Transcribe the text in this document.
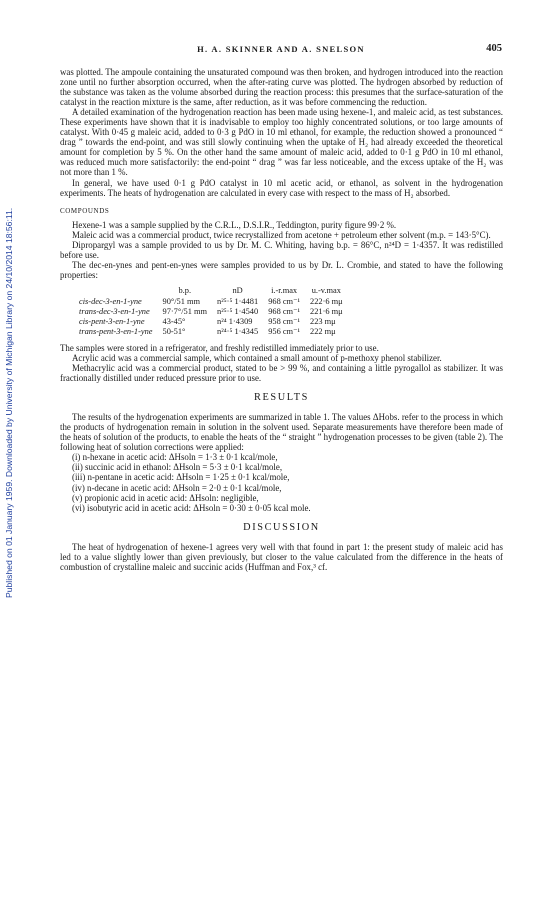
Published on 01 January 1959. Downloaded by University of Michigan Library on 24/10/2014 18:56:11.
H. A. SKINNER AND A. SNELSON	405

was plotted. The ampoule containing the unsaturated compound was then broken, and hydrogen introduced into the reaction zone until no further absorption occurred, when the after-rating curve was plotted. The hydrogen absorbed by reduction of the substance was taken as the volume absorbed during the reaction process: this presumes that the surface-saturation of the catalyst in the reaction mixture is the same, after reduction, as it was before commencing the reduction.

A detailed examination of the hydrogenation reaction has been made using hexene-1, and maleic acid, as test substances. These experiments have shown that it is inadvisable to employ too highly concentrated solutions, or too large amounts of catalyst. With 0·45 g maleic acid, added to 0·3 g PdO in 10 ml ethanol, for example, the reduction showed a pronounced “ drag ” towards the end-point, and was still slowly continuing when the uptake of H₂ had already exceeded the theoretical amount for completion by 5 %. On the other hand the same amount of maleic acid, added to 0·1 g PdO in 10 ml ethanol, was reduced much more satisfactorily: the end-point “ drag ” was far less noticeable, and the excess uptake of the H₂ was not more than 1 %.

In general, we have used 0·1 g PdO catalyst in 10 ml acetic acid, or ethanol, as solvent in the hydrogenation experiments. The heats of hydrogenation are calculated in every case with respect to the mass of H₂ absorbed.

COMPOUNDS

Hexene-1 was a sample supplied by the C.R.L., D.S.I.R., Teddington, purity figure 99·2 %.

Maleic acid was a commercial product, twice recrystallized from acetone + petroleum ether solvent (m.p. = 143·5°C).

Dipropargyl was a sample provided to us by Dr. M. C. Whiting, having b.p. = 86°C, n²⁴D = 1·4357. It was redistilled before use.

The dec-en-ynes and pent-en-ynes were samples provided to us by Dr. L. Crombie, and stated to have the following properties:

	b.p.	nD	i.-r.max	u.-v.max
cis-dec-3-en-1-yne	90°/51 mm	n²⁵·⁵ 1·4481	968 cm⁻¹	222·6 mμ
trans-dec-3-en-1-yne	97·7°/51 mm	n²⁵·⁵ 1·4540	968 cm⁻¹	221·6 mμ
cis-pent-3-en-1-yne	43-45°	n²⁴ 1·4309	958 cm⁻¹	223 mμ
trans-pent-3-en-1-yne	50-51°	n²⁴·⁵ 1·4345	956 cm⁻¹	222 mμ

The samples were stored in a refrigerator, and freshly redistilled immediately prior to use.

Acrylic acid was a commercial sample, which contained a small amount of p-methoxy phenol stabilizer.

Methacrylic acid was a commercial product, stated to be > 99 %, and containing a little pyrogallol as stabilizer. It was fractionally distilled under reduced pressure prior to use.

RESULTS

The results of the hydrogenation experiments are summarized in table 1. The values ΔHobs. refer to the process in which the products of hydrogenation remain in solution in the solvent used. Separate measurements have therefore been made of the heats of solution of the products, to enable the heats of the “ straight ” hydrogenation processes to be given (table 2). The following heat of solution corrections were applied:

(i) n-hexane in acetic acid: ΔHsoln = 1·3 ± 0·1 kcal/mole,
(ii) succinic acid in ethanol: ΔHsoln = 5·3 ± 0·1 kcal/mole,
(iii) n-pentane in acetic acid: ΔHsoln = 1·25 ± 0·1 kcal/mole,
(iv) n-decane in acetic acid: ΔHsoln = 2·0 ± 0·1 kcal/mole,
(v) propionic acid in acetic acid: ΔHsoln: negligible,
(vi) isobutyric acid in acetic acid: ΔHsoln = 0·30 ± 0·05 kcal mole.
DISCUSSION

The heat of hydrogenation of hexene-1 agrees very well with that found in part 1: the present study of maleic acid has led to a value slightly lower than given previously, but closer to the value calculated from the difference in the heats of combustion of crystalline maleic and succinic acids (Huffman and Fox,³ cf.
